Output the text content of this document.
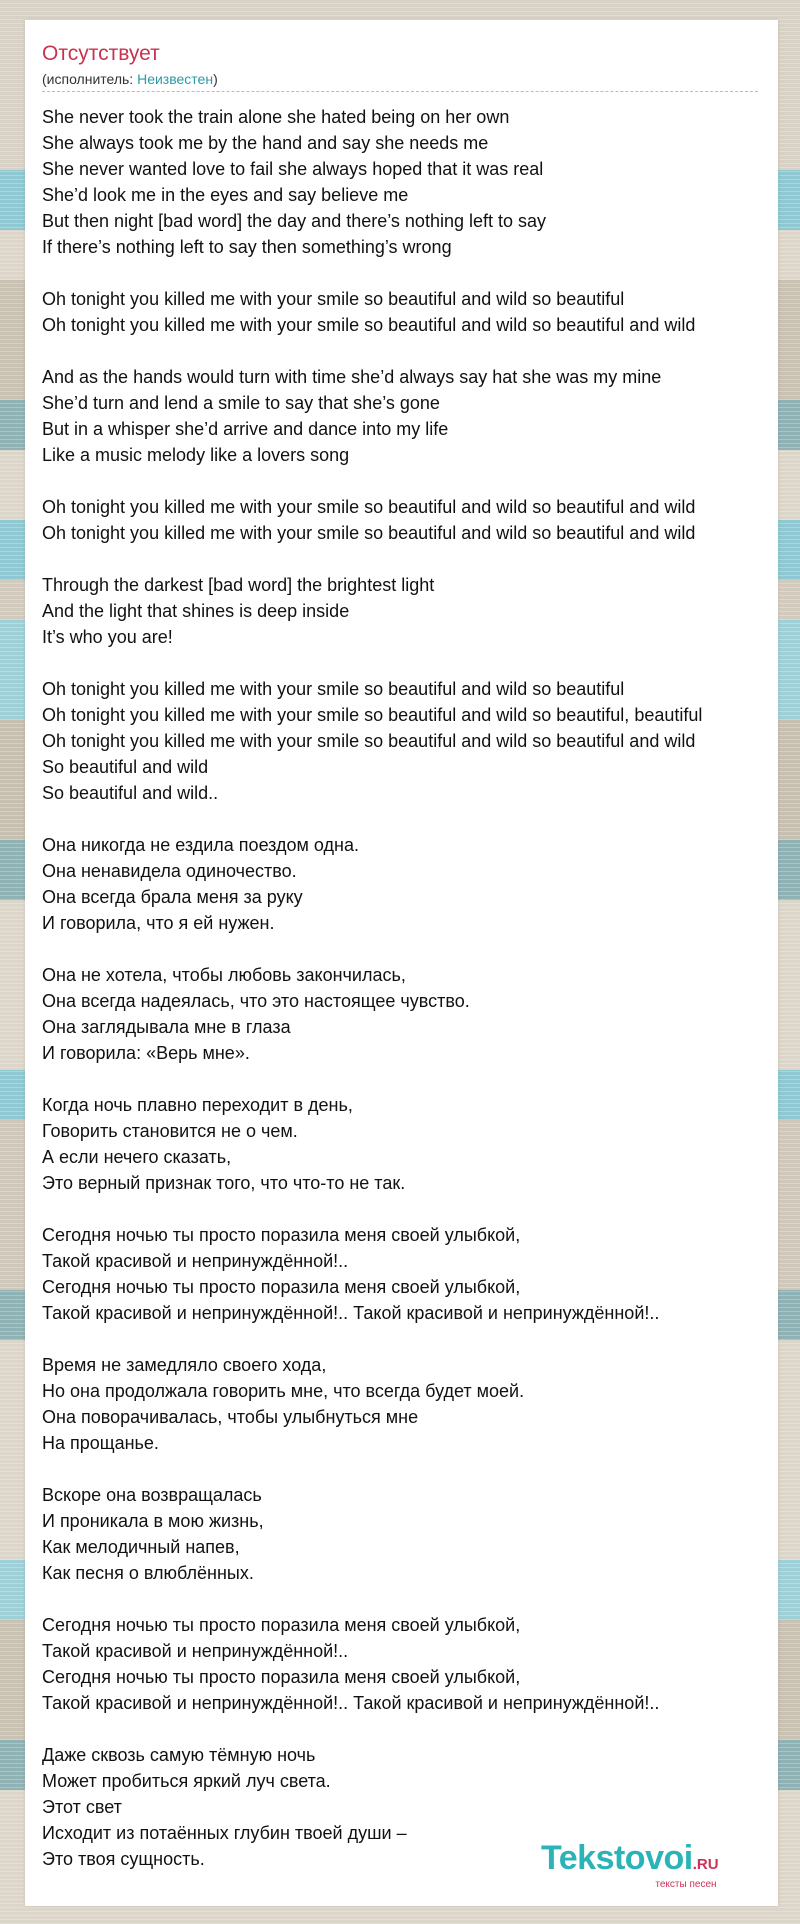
Отсутствует
(исполнитель: Неизвестен)
She never took the train alone she hated being on her own
She always took me by the hand and say she needs me
She never wanted love to fail she always hoped that it was real
She’d look me in the eyes and say believe me
But then night [bad word] the day and there’s nothing left to say
If there’s nothing left to say then something’s wrong
Oh tonight you killed me with your smile so beautiful and wild so beautiful
Oh tonight you killed me with your smile so beautiful and wild so beautiful and wild
And as the hands would turn with time she’d always say hat she was my mine
She’d turn and lend a smile to say that she’s gone
But in a whisper she’d arrive and dance into my life
Like a music melody like a lovers song
Oh tonight you killed me with your smile so beautiful and wild so beautiful and wild
Oh tonight you killed me with your smile so beautiful and wild so beautiful and wild
Through the darkest [bad word] the brightest light
And the light that shines is deep inside
It’s who you are!
Oh tonight you killed me with your smile so beautiful and wild so beautiful
Oh tonight you killed me with your smile so beautiful and wild so beautiful, beautiful
Oh tonight you killed me with your smile so beautiful and wild so beautiful and wild
So beautiful and wild
So beautiful and wild..
Она никогда не ездила поездом одна.
Она ненавидела одиночество.
Она всегда брала меня за руку
И говорила, что я ей нужен.
Она не хотела, чтобы любовь закончилась,
Она всегда надеялась, что это настоящее чувство.
Она заглядывала мне в глаза
И говорила: «Верь мне».
Когда ночь плавно переходит в день,
Говорить становится не о чем.
А если нечего сказать,
Это верный признак того, что что-то не так.
Сегодня ночью ты просто поразила меня своей улыбкой,
Такой красивой и непринуждённой!..
Сегодня ночью ты просто поразила меня своей улыбкой,
Такой красивой и непринуждённой!.. Такой красивой и непринуждённой!..
Время не замедляло своего хода,
Но она продолжала говорить мне, что всегда будет моей.
Она поворачивалась, чтобы улыбнуться мне
На прощанье.
Вскоре она возвращалась
И проникала в мою жизнь,
Как мелодичный напев,
Как песня о влюблённых.
Сегодня ночью ты просто поразила меня своей улыбкой,
Такой красивой и непринуждённой!..
Сегодня ночью ты просто поразила меня своей улыбкой,
Такой красивой и непринуждённой!.. Такой красивой и непринуждённой!..
Даже сквозь самую тёмную ночь
Может пробиться яркий луч света.
Этот свет
Исходит из потаённых глубин твоей души –
Это твоя сущность.	Tekstovoi.RU
тексты песен
